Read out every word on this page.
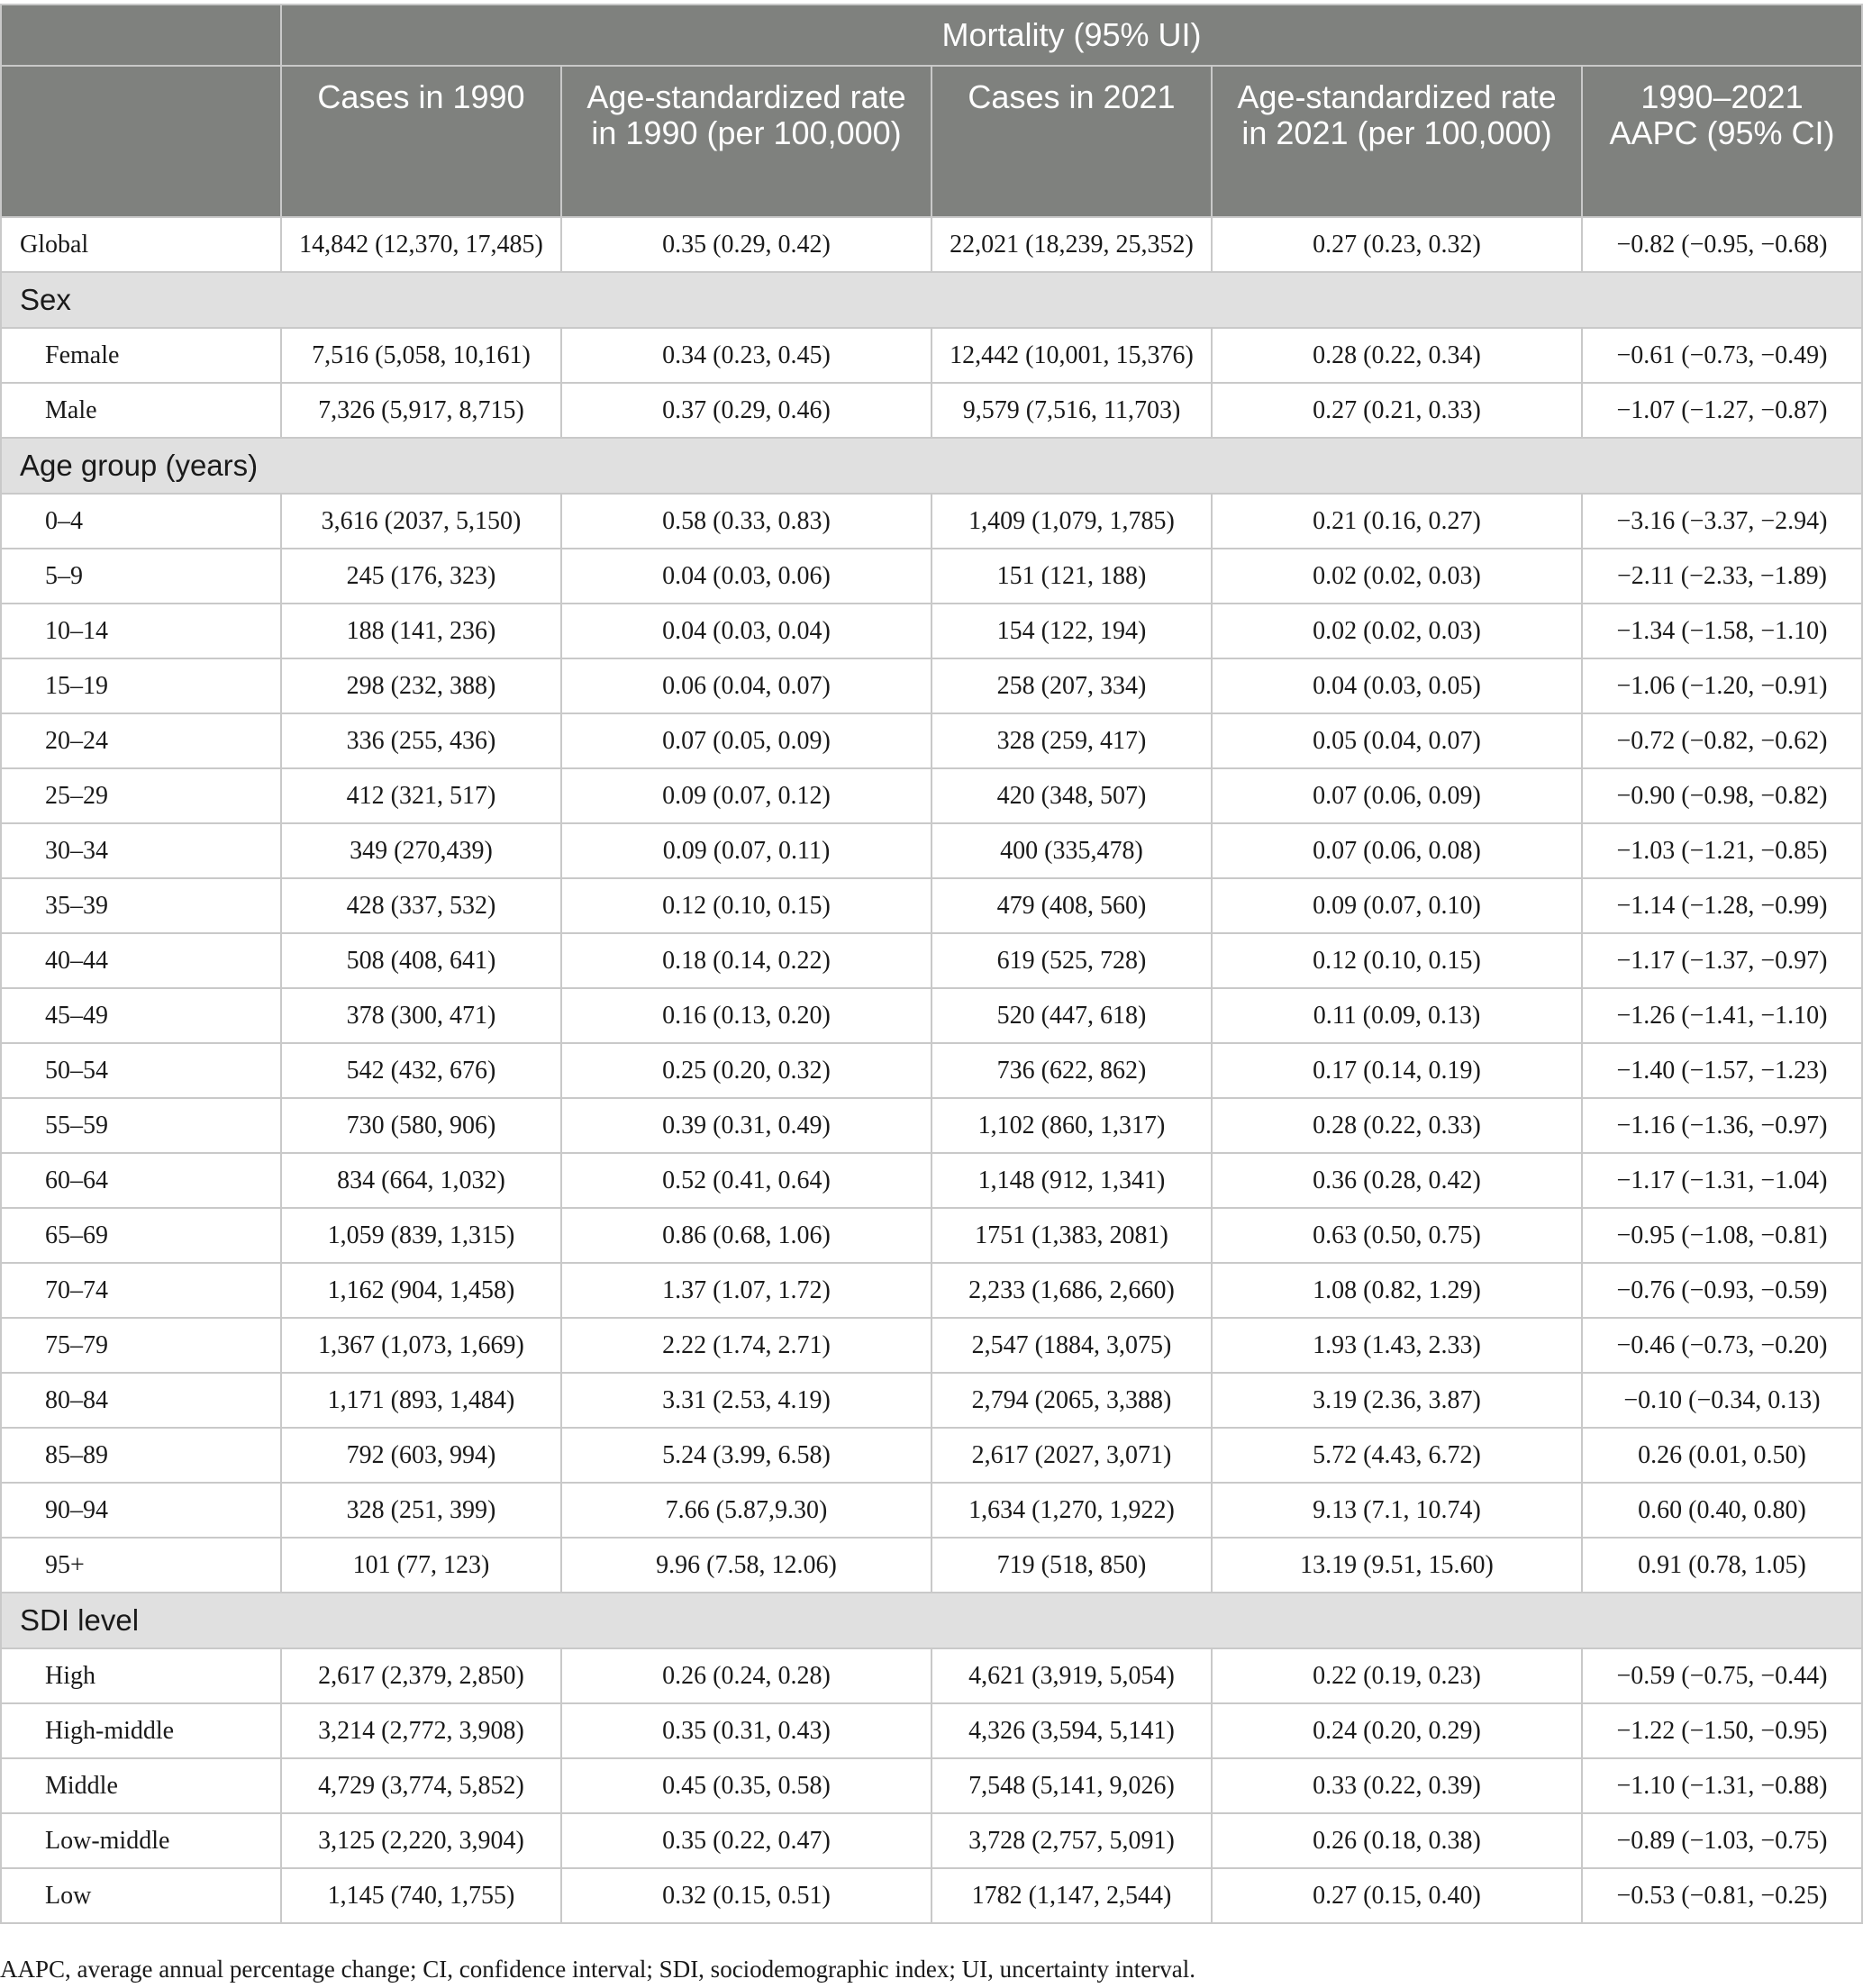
	Mortality (95% UI)				
	Cases in 1990	Age-standardized rate in 1990 (per 100,000)	Cases in 2021	Age-standardized rate in 2021 (per 100,000)	1990–2021 AAPC (95% CI)
Global	14,842 (12,370, 17,485)	0.35 (0.29, 0.42)	22,021 (18,239, 25,352)	0.27 (0.23, 0.32)	−0.82 (−0.95, −0.68)
Sex					
Female	7,516 (5,058, 10,161)	0.34 (0.23, 0.45)	12,442 (10,001, 15,376)	0.28 (0.22, 0.34)	−0.61 (−0.73, −0.49)
Male	7,326 (5,917, 8,715)	0.37 (0.29, 0.46)	9,579 (7,516, 11,703)	0.27 (0.21, 0.33)	−1.07 (−1.27, −0.87)
Age group (years)					
0–4	3,616 (2037, 5,150)	0.58 (0.33, 0.83)	1,409 (1,079, 1,785)	0.21 (0.16, 0.27)	−3.16 (−3.37, −2.94)
5–9	245 (176, 323)	0.04 (0.03, 0.06)	151 (121, 188)	0.02 (0.02, 0.03)	−2.11 (−2.33, −1.89)
10–14	188 (141, 236)	0.04 (0.03, 0.04)	154 (122, 194)	0.02 (0.02, 0.03)	−1.34 (−1.58, −1.10)
15–19	298 (232, 388)	0.06 (0.04, 0.07)	258 (207, 334)	0.04 (0.03, 0.05)	−1.06 (−1.20, −0.91)
20–24	336 (255, 436)	0.07 (0.05, 0.09)	328 (259, 417)	0.05 (0.04, 0.07)	−0.72 (−0.82, −0.62)
25–29	412 (321, 517)	0.09 (0.07, 0.12)	420 (348, 507)	0.07 (0.06, 0.09)	−0.90 (−0.98, −0.82)
30–34	349 (270,439)	0.09 (0.07, 0.11)	400 (335,478)	0.07 (0.06, 0.08)	−1.03 (−1.21, −0.85)
35–39	428 (337, 532)	0.12 (0.10, 0.15)	479 (408, 560)	0.09 (0.07, 0.10)	−1.14 (−1.28, −0.99)
40–44	508 (408, 641)	0.18 (0.14, 0.22)	619 (525, 728)	0.12 (0.10, 0.15)	−1.17 (−1.37, −0.97)
45–49	378 (300, 471)	0.16 (0.13, 0.20)	520 (447, 618)	0.11 (0.09, 0.13)	−1.26 (−1.41, −1.10)
50–54	542 (432, 676)	0.25 (0.20, 0.32)	736 (622, 862)	0.17 (0.14, 0.19)	−1.40 (−1.57, −1.23)
55–59	730 (580, 906)	0.39 (0.31, 0.49)	1,102 (860, 1,317)	0.28 (0.22, 0.33)	−1.16 (−1.36, −0.97)
60–64	834 (664, 1,032)	0.52 (0.41, 0.64)	1,148 (912, 1,341)	0.36 (0.28, 0.42)	−1.17 (−1.31, −1.04)
65–69	1,059 (839, 1,315)	0.86 (0.68, 1.06)	1751 (1,383, 2081)	0.63 (0.50, 0.75)	−0.95 (−1.08, −0.81)
70–74	1,162 (904, 1,458)	1.37 (1.07, 1.72)	2,233 (1,686, 2,660)	1.08 (0.82, 1.29)	−0.76 (−0.93, −0.59)
75–79	1,367 (1,073, 1,669)	2.22 (1.74, 2.71)	2,547 (1884, 3,075)	1.93 (1.43, 2.33)	−0.46 (−0.73, −0.20)
80–84	1,171 (893, 1,484)	3.31 (2.53, 4.19)	2,794 (2065, 3,388)	3.19 (2.36, 3.87)	−0.10 (−0.34, 0.13)
85–89	792 (603, 994)	5.24 (3.99, 6.58)	2,617 (2027, 3,071)	5.72 (4.43, 6.72)	0.26 (0.01, 0.50)
90–94	328 (251, 399)	7.66 (5.87,9.30)	1,634 (1,270, 1,922)	9.13 (7.1, 10.74)	0.60 (0.40, 0.80)
95+	101 (77, 123)	9.96 (7.58, 12.06)	719 (518, 850)	13.19 (9.51, 15.60)	0.91 (0.78, 1.05)
SDI level					
High	2,617 (2,379, 2,850)	0.26 (0.24, 0.28)	4,621 (3,919, 5,054)	0.22 (0.19, 0.23)	−0.59 (−0.75, −0.44)
High-middle	3,214 (2,772, 3,908)	0.35 (0.31, 0.43)	4,326 (3,594, 5,141)	0.24 (0.20, 0.29)	−1.22 (−1.50, −0.95)
Middle	4,729 (3,774, 5,852)	0.45 (0.35, 0.58)	7,548 (5,141, 9,026)	0.33 (0.22, 0.39)	−1.10 (−1.31, −0.88)
Low-middle	3,125 (2,220, 3,904)	0.35 (0.22, 0.47)	3,728 (2,757, 5,091)	0.26 (0.18, 0.38)	−0.89 (−1.03, −0.75)
Low	1,145 (740, 1,755)	0.32 (0.15, 0.51)	1782 (1,147, 2,544)	0.27 (0.15, 0.40)	−0.53 (−0.81, −0.25)
AAPC, average annual percentage change; CI, confidence interval; SDI, sociodemographic index; UI, uncertainty interval.
